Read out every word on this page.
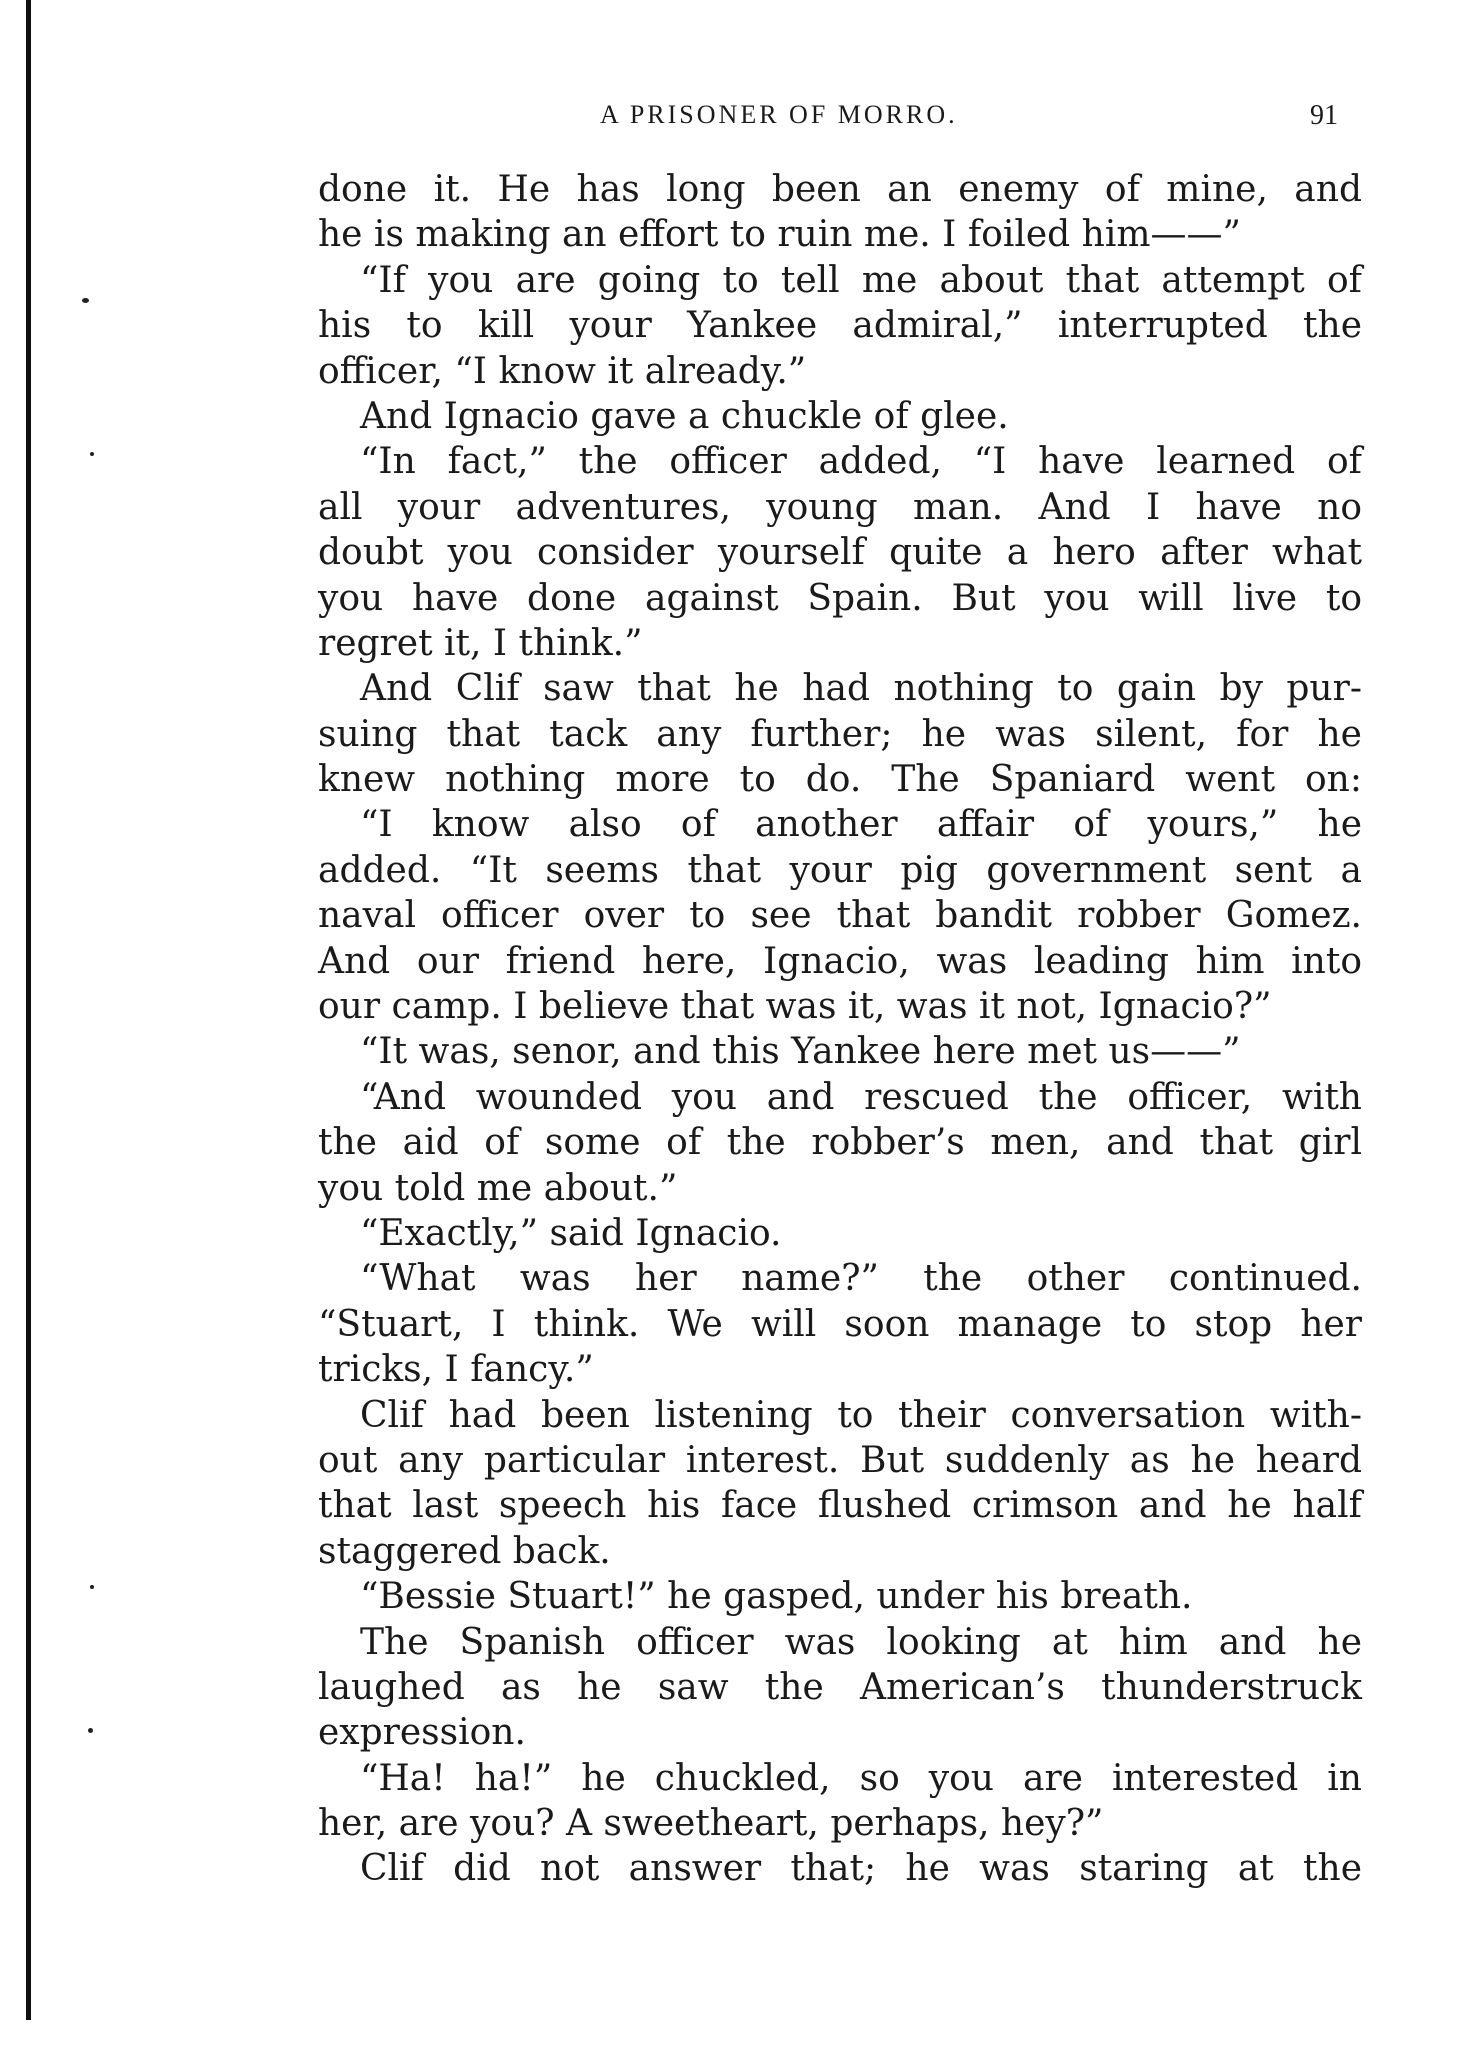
A PRISONER OF MORRO.	91
done it. He has long been an enemy of mine, and
he is making an effort to ruin me. I foiled him——”
“If you are going to tell me about that attempt of
his to kill your Yankee admiral,” interrupted the
officer, “I know it already.”
And Ignacio gave a chuckle of glee.
“In fact,” the officer added, “I have learned of
all your adventures, young man. And I have no
doubt you consider yourself quite a hero after what
you have done against Spain. But you will live to
regret it, I think.”
And Clif saw that he had nothing to gain by pur-
suing that tack any further; he was silent, for he
knew nothing more to do. The Spaniard went on:
“I know also of another affair of yours,” he
added. “It seems that your pig government sent a
naval officer over to see that bandit robber Gomez.
And our friend here, Ignacio, was leading him into
our camp. I believe that was it, was it not, Ignacio?”
“It was, senor, and this Yankee here met us——”
“And wounded you and rescued the officer, with
the aid of some of the robber’s men, and that girl
you told me about.”
“Exactly,” said Ignacio.
“What was her name?” the other continued.
“Stuart, I think. We will soon manage to stop her
tricks, I fancy.”
Clif had been listening to their conversation with-
out any particular interest. But suddenly as he heard
that last speech his face flushed crimson and he half
staggered back.
“Bessie Stuart!” he gasped, under his breath.
The Spanish officer was looking at him and he
laughed as he saw the American’s thunderstruck
expression.
“Ha! ha!” he chuckled, so you are interested in
her, are you? A sweetheart, perhaps, hey?”
Clif did not answer that; he was staring at the
